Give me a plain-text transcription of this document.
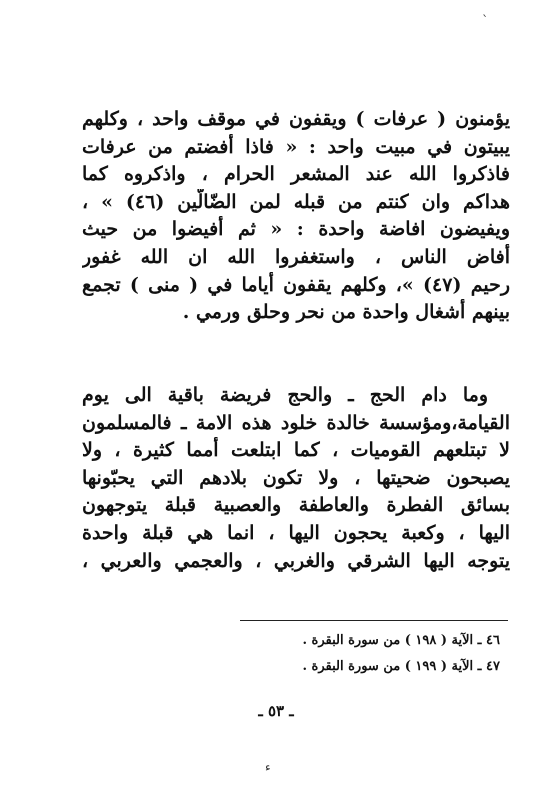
ˋ
يؤمنون ( عرفات ) ويقفون في موقف واحد ، وكلهم
يبيتون في مبيت واحد : « فاذا أفضتم من عرفات
فاذكروا الله عند المشعر الحرام ، واذكروه كما
هداكم وان كنتم من قبله لمن الضّالّين (٤٦) » ،
ويفيضون افاضة واحدة : « ثم أفيضوا من حيث
أفاض الناس ، واستغفروا الله ان الله غفور
رحيم (٤٧) »، وكلهم يقفون أياما في ( منى ) تجمع
بينهم أشغال واحدة من نحر وحلق ورمي .
وما دام الحج ـ والحج فريضة باقية الى يوم
القيامة،ومؤسسة خالدة خلود هذه الامة ـ فالمسلمون
لا تبتلعهم القوميات ، كما ابتلعت أمما كثيرة ، ولا
يصبحون ضحيتها ، ولا تكون بلادهم التي يحبّونها
بسائق الفطرة والعاطفة والعصبية قبلة يتوجهون
اليها ، وكعبة يحجون اليها ، انما هي قبلة واحدة
يتوجه اليها الشرقي والغربي ، والعجمي والعربي ،
٤٦ ـ الآية ( ١٩٨ ) من سورة البقرة .
٤٧ ـ الآية ( ١٩٩ ) من سورة البقرة .
ـ ٥٣ ـ
ء
